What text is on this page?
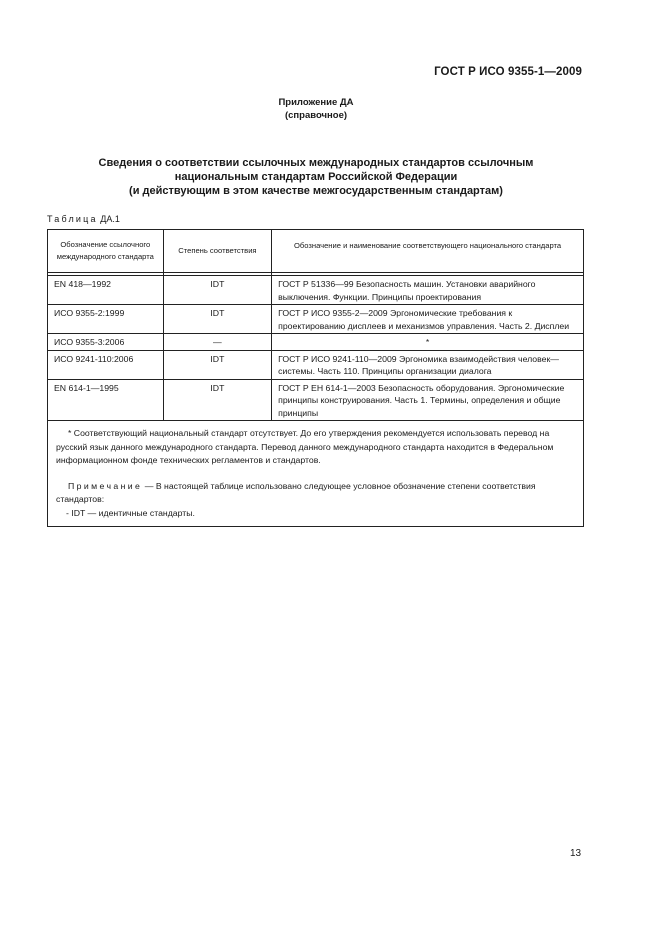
ГОСТ Р ИСО 9355-1—2009
Приложение ДА
(справочное)
Сведения о соответствии ссылочных международных стандартов ссылочным
национальным стандартам Российской Федерации
(и действующим в этом качестве межгосударственным стандартам)
Таблица ДА.1
Обозначение ссылочного международного стандарта	Степень соответствия	Обозначение и наименование соответствующего национального стандарта

EN 418—1992	IDT	ГОСТ Р 51336—99 Безопасность машин. Установки аварийного выключения. Функции. Принципы проектирования
ИСО 9355-2:1999	IDT	ГОСТ Р ИСО 9355-2—2009 Эргономические требования к проектированию дисплеев и механизмов управления. Часть 2. Дисплеи
ИСО 9355-3:2006	—	*
ИСО 9241-110:2006	IDT	ГОСТ Р ИСО 9241-110—2009 Эргономика взаимодействия человек—системы. Часть 110. Принципы организации диалога
EN 614-1—1995	IDT	ГОСТ Р ЕН 614-1—2003 Безопасность оборудования. Эргономические принципы конструирования. Часть 1. Термины, определения и общие принципы

* Соответствующий национальный стандарт отсутствует. До его утверждения рекомендуется использовать перевод на русский язык данного международного стандарта. Перевод данного международного стандарта находится в Федеральном информационном фонде технических регламентов и стандартов.

Примечание — В настоящей таблице использовано следующее условное обозначение степени соответствия стандартов:

- IDT — идентичные стандарты.		

13
